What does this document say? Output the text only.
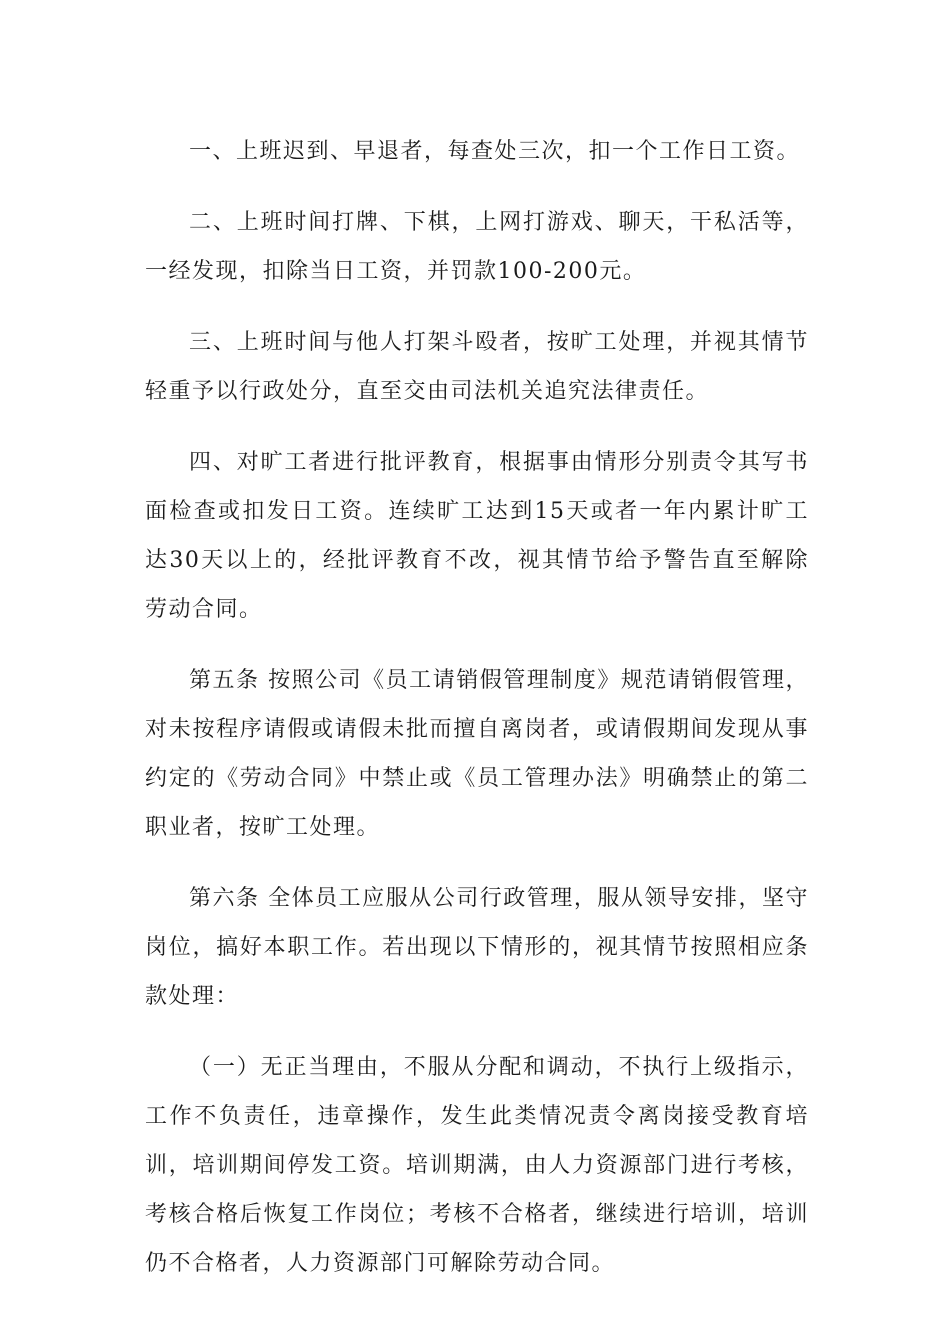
一、上班迟到、早退者，每查处三次，扣一个工作日工资。

二、上班时间打牌、下棋，上网打游戏、聊天，干私活等，一经发现，扣除当日工资，并罚款100-200元。

三、上班时间与他人打架斗殴者，按旷工处理，并视其情节轻重予以行政处分，直至交由司法机关追究法律责任。

四、对旷工者进行批评教育，根据事由情形分别责令其写书面检查或扣发日工资。连续旷工达到15天或者一年内累计旷工达30天以上的，经批评教育不改，视其情节给予警告直至解除劳动合同。

第五条 按照公司《员工请销假管理制度》规范请销假管理，对未按程序请假或请假未批而擅自离岗者，或请假期间发现从事约定的《劳动合同》中禁止或《员工管理办法》明确禁止的第二职业者，按旷工处理。

第六条 全体员工应服从公司行政管理，服从领导安排，坚守岗位，搞好本职工作。若出现以下情形的，视其情节按照相应条款处理：

（一）无正当理由，不服从分配和调动，不执行上级指示，工作不负责任，违章操作，发生此类情况责令离岗接受教育培训，培训期间停发工资。培训期满，由人力资源部门进行考核，考核合格后恢复工作岗位；考核不合格者，继续进行培训，培训仍不合格者，人力资源部门可解除劳动合同。
